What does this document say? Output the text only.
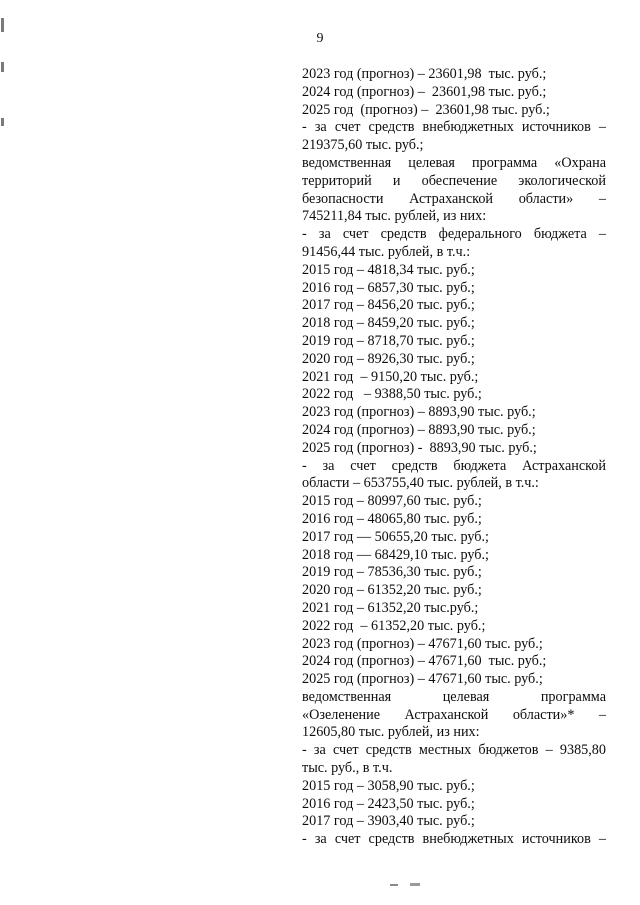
9
2023 год (прогноз) – 23601,98  тыс. руб.;
2024 год (прогноз) –  23601,98 тыс. руб.;
2025 год  (прогноз) –  23601,98 тыс. руб.;
- за счет средств внебюджетных источников –
219375,60 тыс. руб.;
ведомственная целевая программа «Охрана
территорий и обеспечение экологической
безопасности Астраханской области» –
745211,84 тыс. рублей, из них:
- за счет средств федерального бюджета –
91456,44 тыс. рублей, в т.ч.:
2015 год – 4818,34 тыс. руб.;
2016 год – 6857,30 тыс. руб.;
2017 год – 8456,20 тыс. руб.;
2018 год – 8459,20 тыс. руб.;
2019 год – 8718,70 тыс. руб.;
2020 год – 8926,30 тыс. руб.;
2021 год  – 9150,20 тыс. руб.;
2022 год   – 9388,50 тыс. руб.;
2023 год (прогноз) – 8893,90 тыс. руб.;
2024 год (прогноз) – 8893,90 тыс. руб.;
2025 год (прогноз) -  8893,90 тыс. руб.;
- за счет средств бюджета Астраханской
области – 653755,40 тыс. рублей, в т.ч.:
2015 год – 80997,60 тыс. руб.;
2016 год – 48065,80 тыс. руб.;
2017 год — 50655,20 тыс. руб.;
2018 год — 68429,10 тыс. руб.;
2019 год – 78536,30 тыс. руб.;
2020 год – 61352,20 тыс. руб.;
2021 год – 61352,20 тыс.руб.;
2022 год  – 61352,20 тыс. руб.;
2023 год (прогноз) – 47671,60 тыс. руб.;
2024 год (прогноз) – 47671,60  тыс. руб.;
2025 год (прогноз) – 47671,60 тыс. руб.;
ведомственная целевая программа
«Озеленение Астраханской области»* –
12605,80 тыс. рублей, из них:
- за счет средств местных бюджетов – 9385,80
тыс. руб., в т.ч.
2015 год – 3058,90 тыс. руб.;
2016 год – 2423,50 тыс. руб.;
2017 год – 3903,40 тыс. руб.;
- за счет средств внебюджетных источников –
